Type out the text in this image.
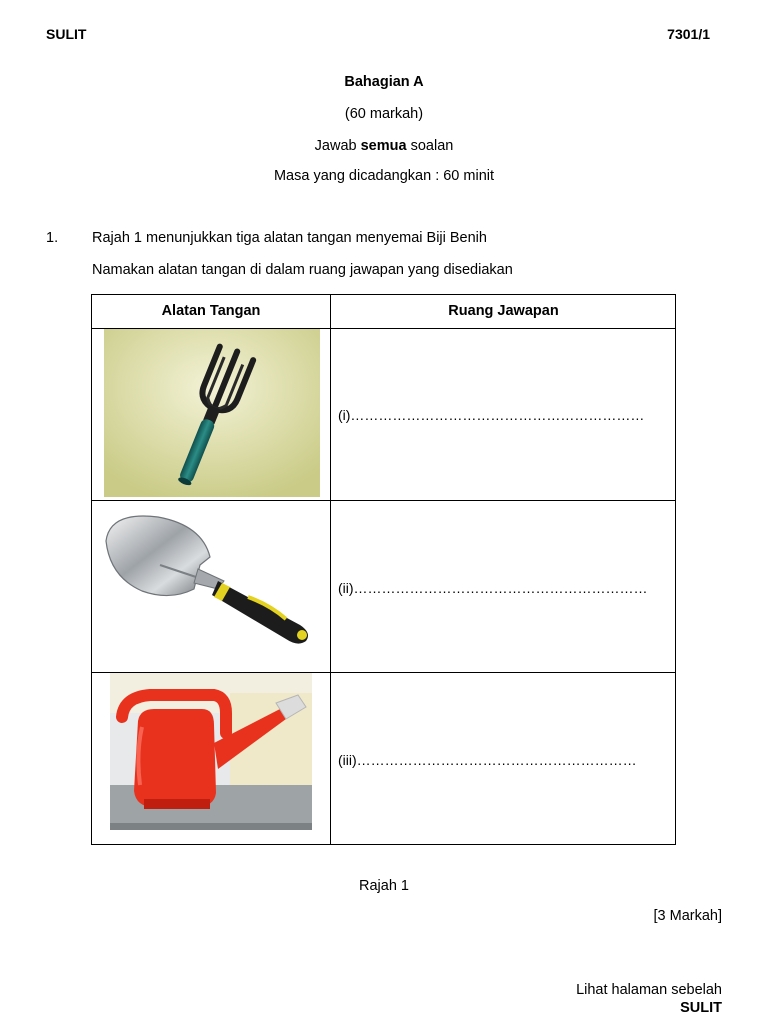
SULIT	7301/1
Bahagian A
(60 markah)
Jawab semua soalan
Masa yang dicadangkan : 60 minit
1. Rajah 1 menunjukkan tiga alatan tangan menyemai Biji Benih
Namakan alatan tangan di dalam ruang jawapan yang disediakan
Alatan Tangan	Ruang Jawapan
(i)………………………………………………………
(ii)………………………………………………………
(iii)……………………………………………………
Rajah 1
[3 Markah]
Lihat halaman sebelah
SULIT
